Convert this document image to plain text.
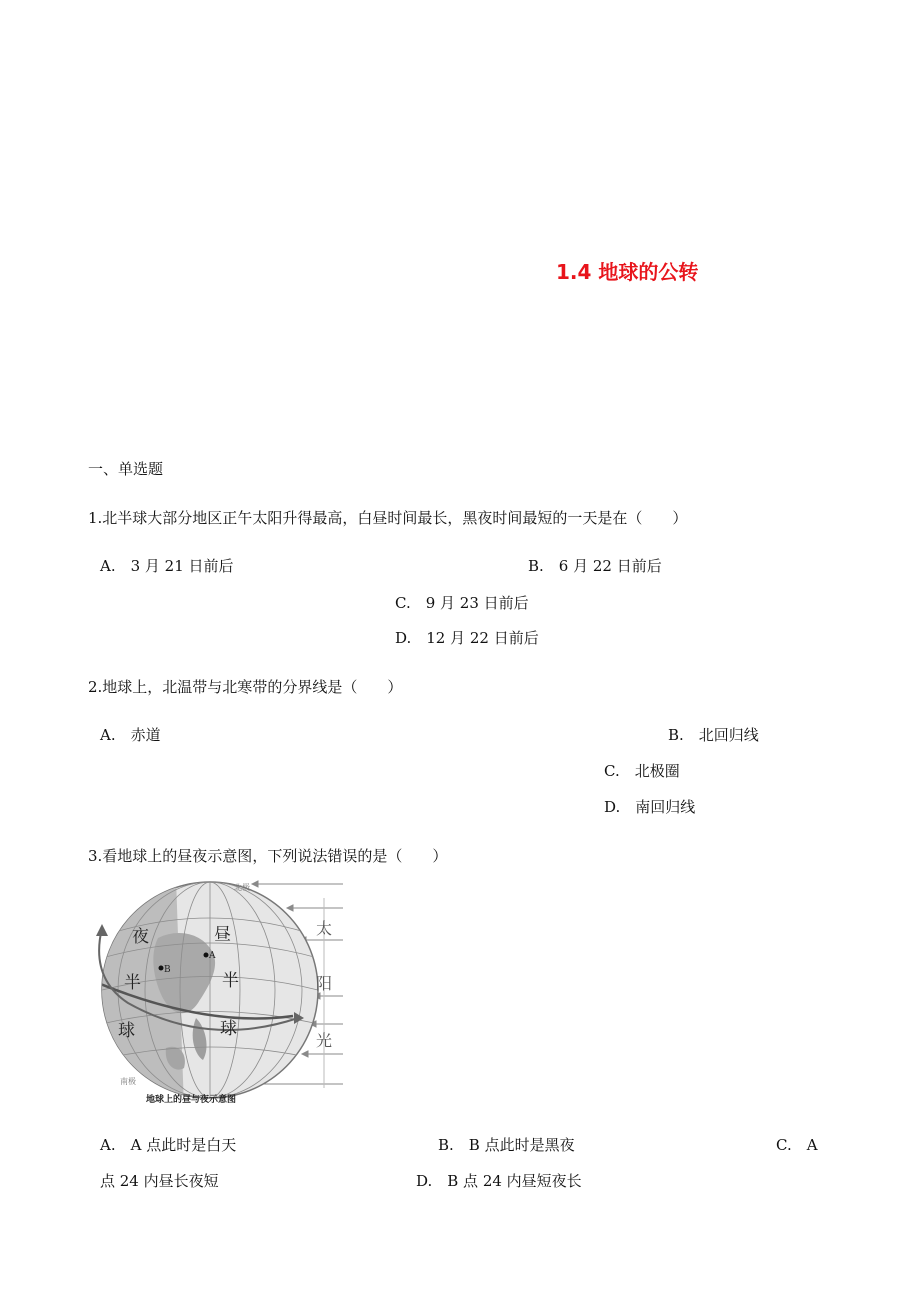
1.4 地球的公转
一、单选题
1.北半球大部分地区正午太阳升得最高，白昼时间最长，黑夜时间最短的一天是在（　　）
A.　3 月 21 日前后	B.　6 月 22 日前后
C.　9 月 23 日前后
D.　12 月 22 日前后
2.地球上，北温带与北寒带的分界线是（　　）
A.　赤道	B.　北回归线
C.　北极圈
D.　南回归线
3.看地球上的昼夜示意图，下列说法错误的是（　　）
A
B
夜
半
球
昼
半
球
太
阳
光
北极
南极
地球上的昼与夜示意图
A.　A 点此时是白天	B.　B 点此时是黑夜	C.　A
点 24 内昼长夜短	D.　B 点 24 内昼短夜长
